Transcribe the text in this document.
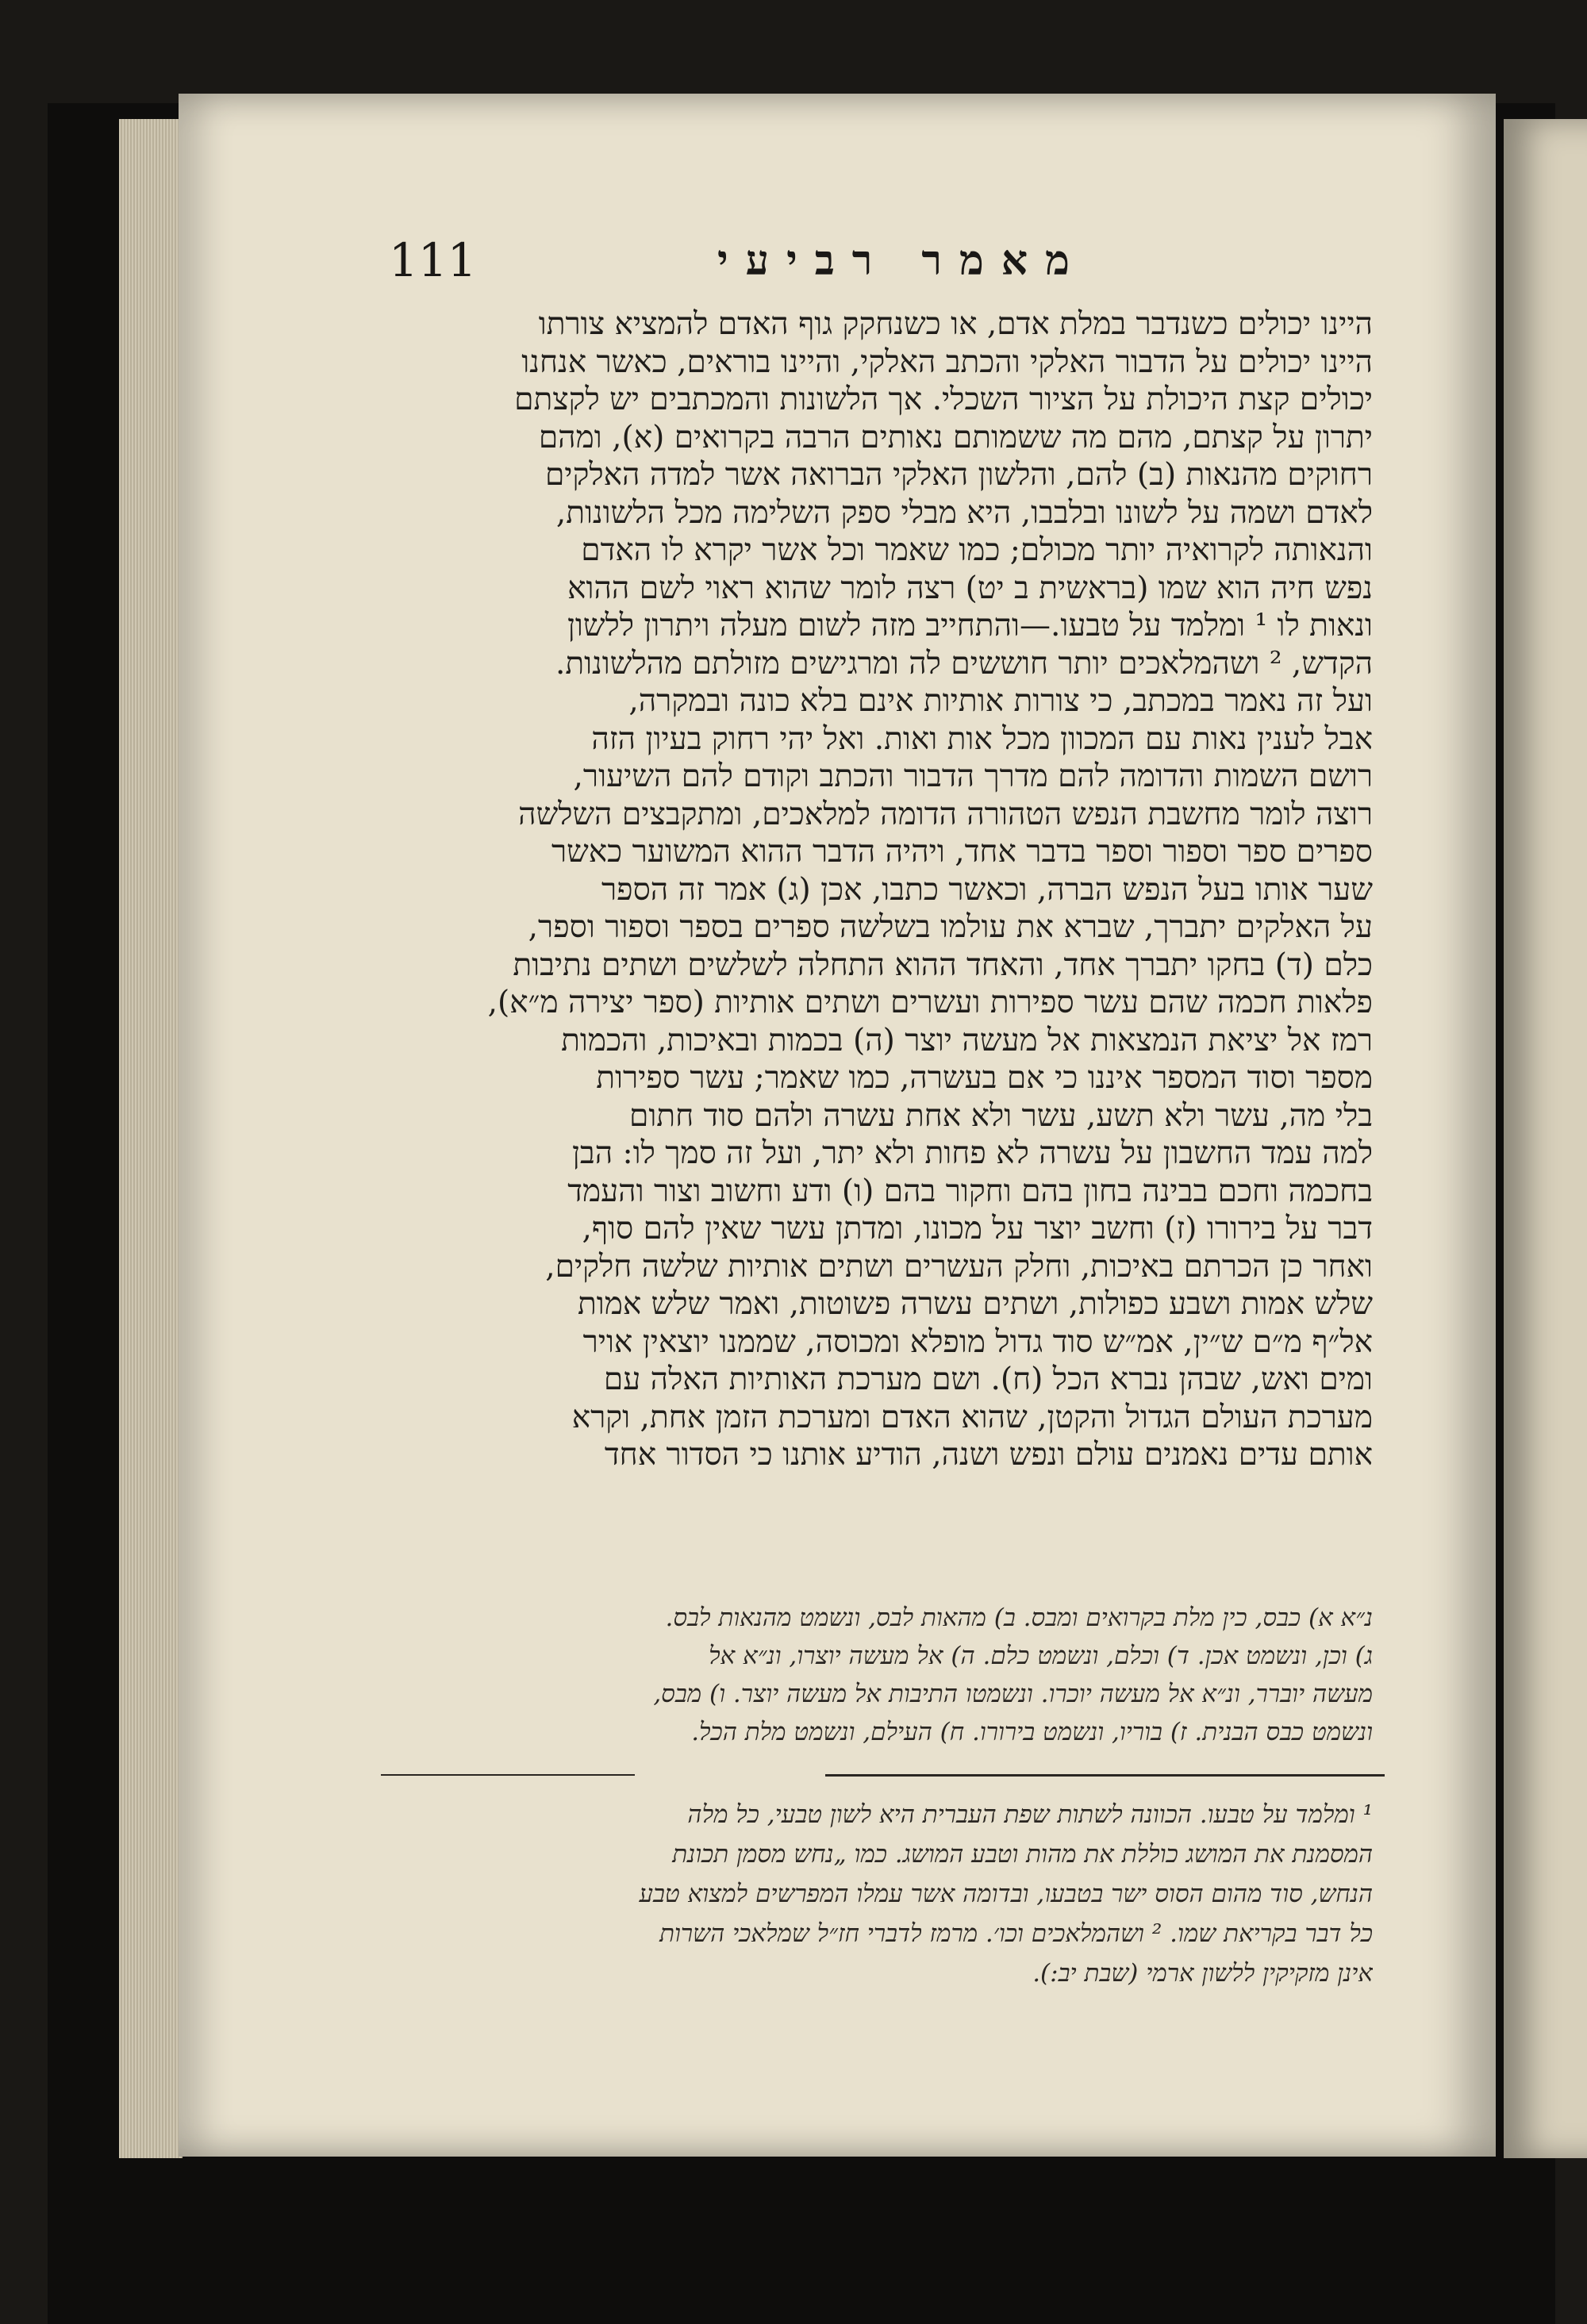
111	מאמר רביעי
היינו יכולים כשנדבר במלת אדם, או כשנחקק גוף האדם להמציא צורתו
היינו יכולים על הדבור האלקי והכתב האלקי, והיינו בוראים, כאשר אנחנו
יכולים קצת היכולת על הציור השכלי. אך הלשונות והמכתבים יש לקצתם
יתרון על קצתם, מהם מה ששמותם נאותים הרבה בקרואים (א), ומהם
רחוקים מהנאות (ב) להם, והלשון האלקי הברואה אשר למדה האלקים
לאדם ושמה על לשונו ובלבבו, היא מבלי ספק השלימה מכל הלשונות,
והנאותה לקרואיה יותר מכולם; כמו שאמר וכל אשר יקרא לו האדם
נפש חיה הוא שמו (בראשית ב יט) רצה לומר שהוא ראוי לשם ההוא
ונאות לו ¹ ומלמד על טבעו.—והתחייב מזה לשום מעלה ויתרון ללשון
הקדש, ² ושהמלאכים יותר חוששים לה ומרגישים מזולתם מהלשונות.
ועל זה נאמר במכתב, כי צורות אותיות אינם בלא כונה ובמקרה,
אבל לענין נאות עם המכוון מכל אות ואות. ואל יהי רחוק בעיון הזה
רושם השמות והדומה להם מדרך הדבור והכתב וקודם להם השיעור,
רוצה לומר מחשבת הנפש הטהורה הדומה למלאכים, ומתקבצים השלשה
ספרים ספר וספור וספר בדבר אחד, ויהיה הדבר ההוא המשוער כאשר
שער אותו בעל הנפש הברה, וכאשר כתבו, אכן (ג) אמר זה הספר
על האלקים יתברך, שברא את עולמו בשלשה ספרים בספר וספור וספר,
כלם (ד) בחקו יתברך אחד, והאחד ההוא התחלה לשלשים ושתים נתיבות
פלאות חכמה שהם עשר ספירות ועשרים ושתים אותיות (ספר יצירה מ״א),
רמז אל יציאת הנמצאות אל מעשה יוצר (ה) בכמות ובאיכות, והכמות
מספר וסוד המספר איננו כי אם בעשרה, כמו שאמר; עשר ספירות
בלי מה, עשר ולא תשע, עשר ולא אחת עשרה ולהם סוד חתום
למה עמד החשבון על עשרה לא פחות ולא יתר, ועל זה סמך לו: הבן
בחכמה וחכם בבינה בחון בהם וחקור בהם (ו) ודע וחשוב וצור והעמד
דבר על בירורו (ז) וחשב יוצר על מכונו, ומדתן עשר שאין להם סוף,
ואחר כן הכרתם באיכות, וחלק העשרים ושתים אותיות שלשה חלקים,
שלש אמות ושבע כפולות, ושתים עשרה פשוטות, ואמר שלש אמות
אל״ף מ״ם ש״ין, אמ״ש סוד גדול מופלא ומכוסה, שממנו יוצאין אויר
ומים ואש, שבהן נברא הכל (ח). ושם מערכת האותיות האלה עם
מערכת העולם הגדול והקטן, שהוא האדם ומערכת הזמן אחת, וקרא
אותם עדים נאמנים עולם ונפש ושנה, הודיע אותנו כי הסדור אחד
נ״א א) כבס, כין מלת בקרואים ומבס. ב) מהאות לבס, ונשמט מהנאות לבס.
ג) וכן, ונשמט אכן. ד) וכלם, ונשמט כלם. ה) אל מעשה יוצרו, ונ״א אל
מעשה יוברר, ונ״א אל מעשה יוכרו. ונשמטו התיבות אל מעשה יוצר. ו) מבס,
ונשמט כבס הבנית. ז) בוריו, ונשמט בירורו. ח) העילם, ונשמט מלת הכל.
¹ ומלמד על טבעו. הכוונה לשתות שפת העברית היא לשון טבעי, כל מלה
המסמנת את המושג כוללת את מהות וטבע המושג. כמו „נחש מסמן תכונת
הנחש, סוד מהום הסוס ישר בטבעו, ובדומה אשר עמלו המפרשים למצוא טבע
כל דבר בקריאת שמו. ² ושהמלאכים וכו׳. מרמז לדברי חז״ל שמלאכי השרות
אינן מזקיקין ללשון ארמי (שבת יב:).
